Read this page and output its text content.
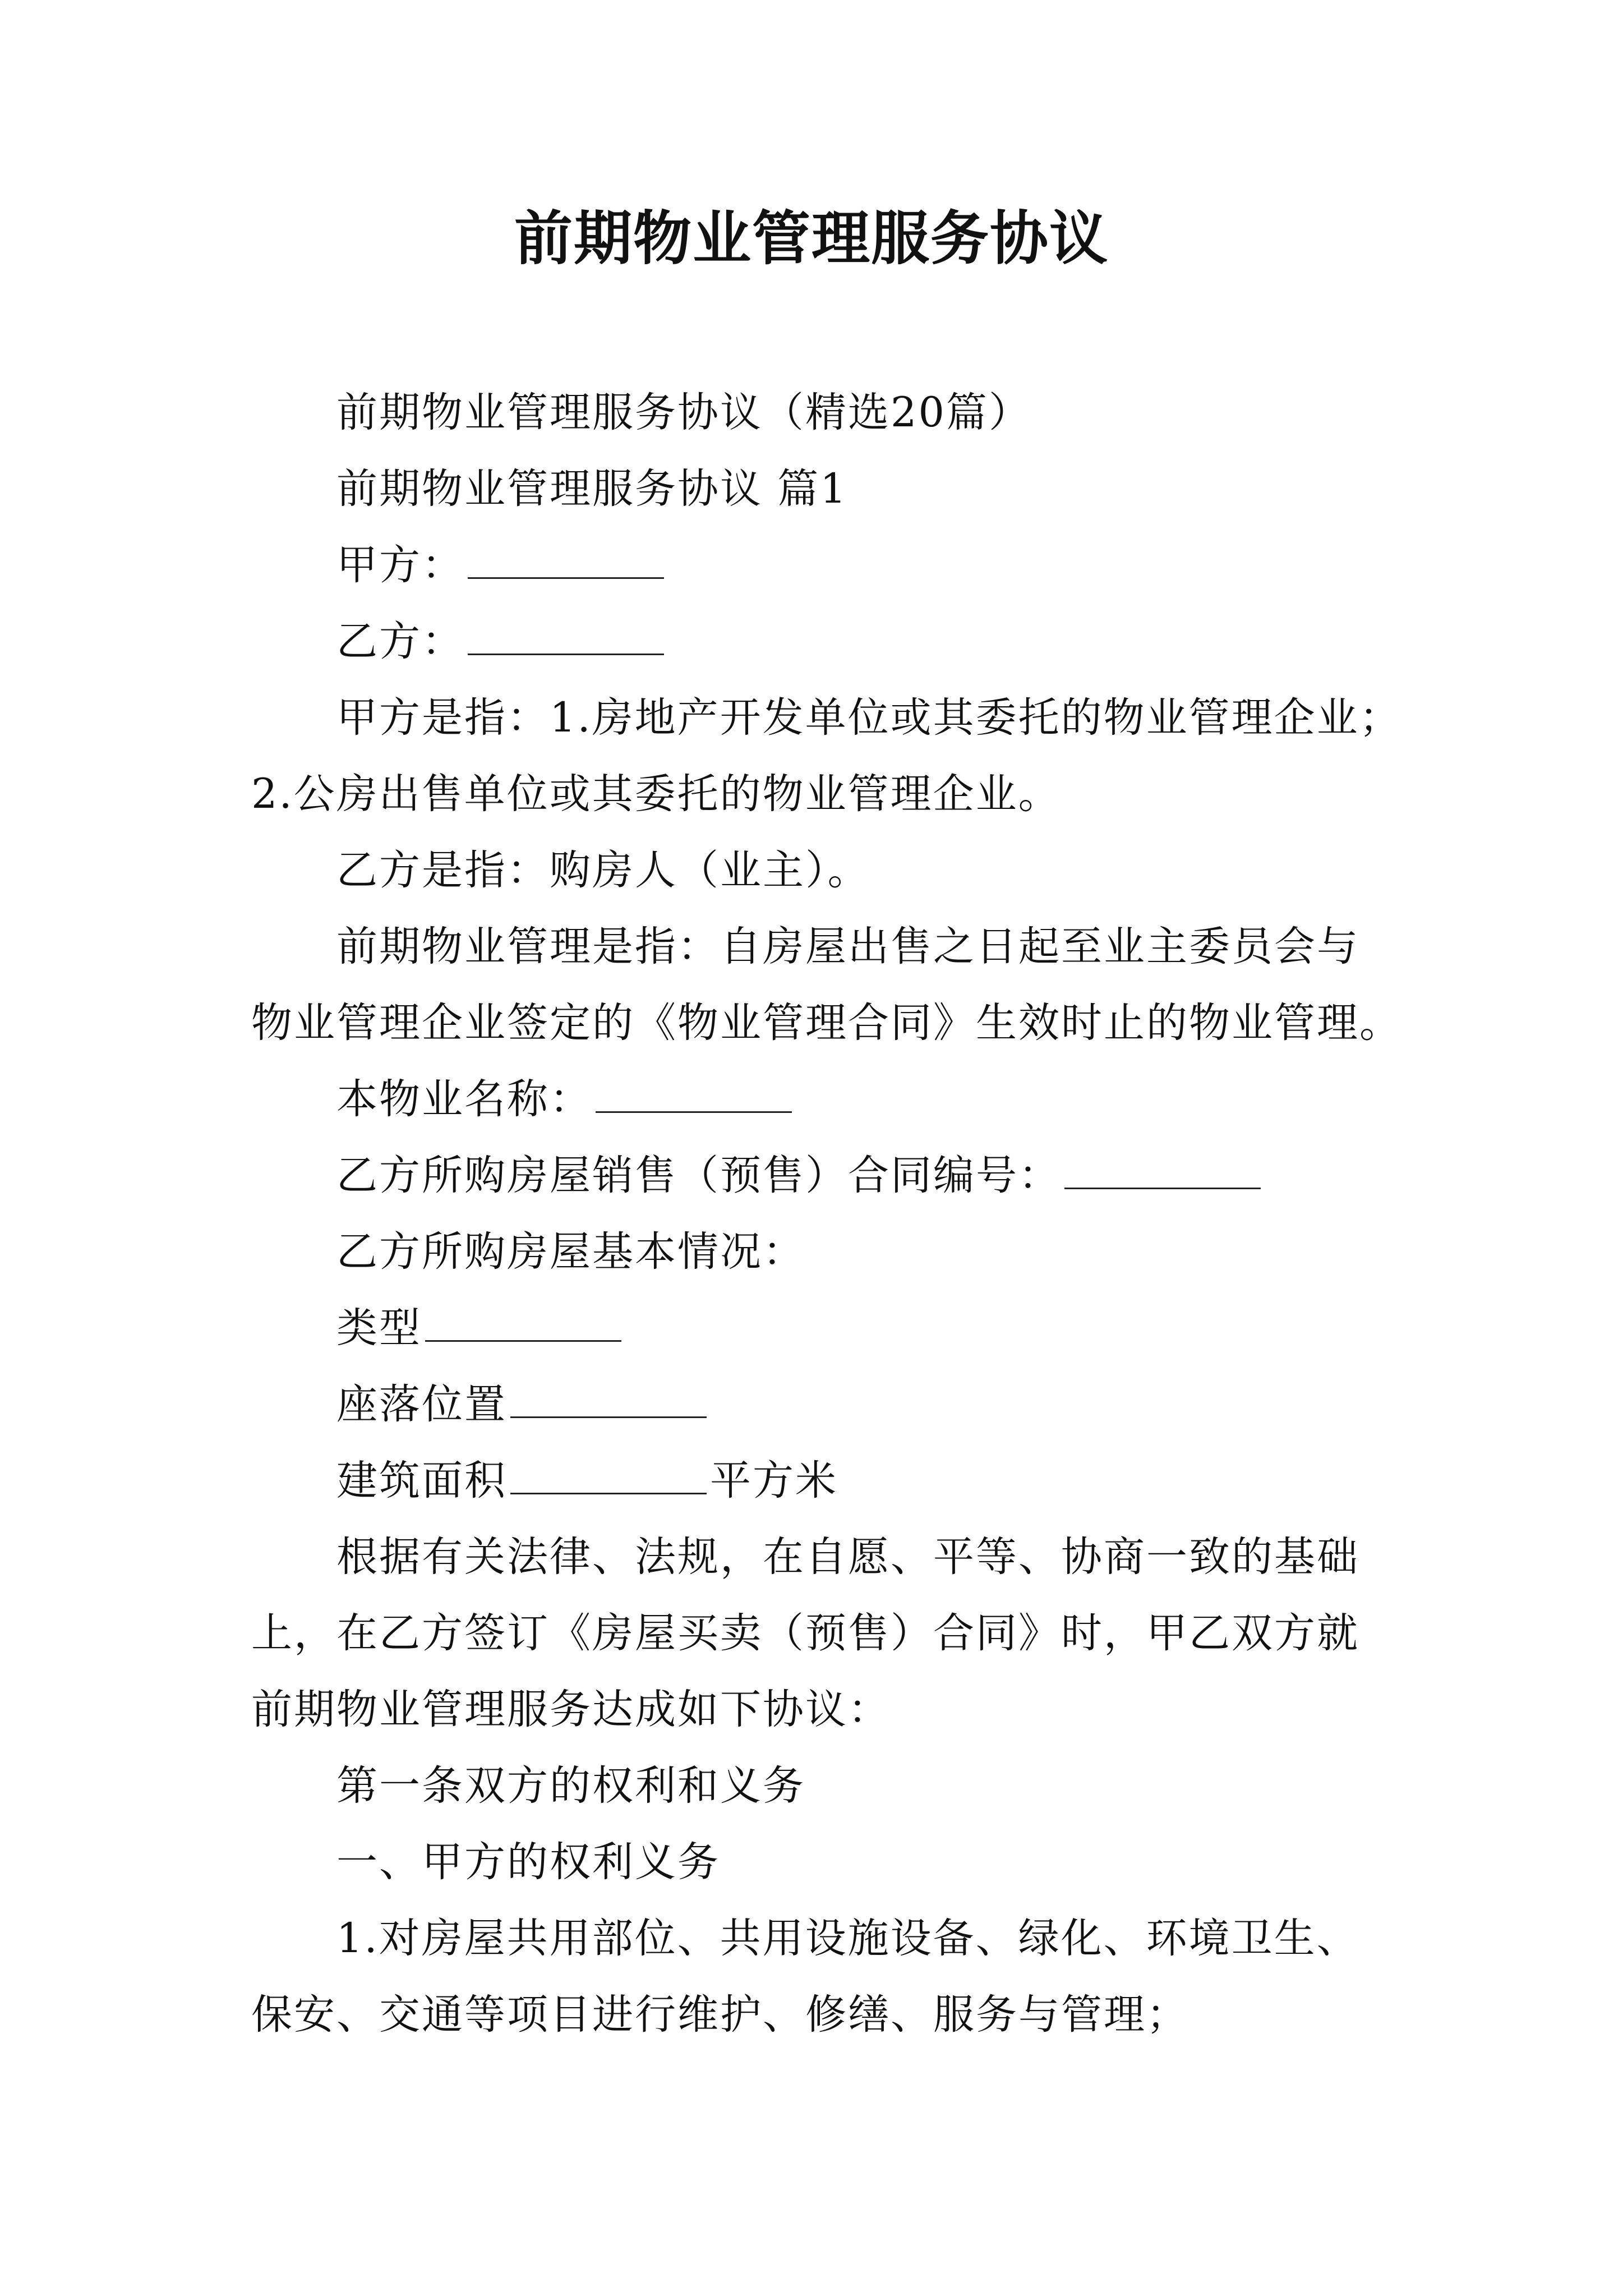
前期物业管理服务协议

前期物业管理服务协议（精选20篇）

前期物业管理服务协议 篇1

甲方：

乙方：

甲方是指：1.房地产开发单位或其委托的物业管理企业；

2.公房出售单位或其委托的物业管理企业。

乙方是指：购房人（业主）。

前期物业管理是指：自房屋出售之日起至业主委员会与

物业管理企业签定的《物业管理合同》生效时止的物业管理。

本物业名称：

乙方所购房屋销售（预售）合同编号：

乙方所购房屋基本情况：

类型

座落位置

建筑面积	平方米

根据有关法律、法规，在自愿、平等、协商一致的基础

上，在乙方签订《房屋买卖（预售）合同》时，甲乙双方就

前期物业管理服务达成如下协议：

第一条双方的权利和义务

一、甲方的权利义务

1.对房屋共用部位、共用设施设备、绿化、环境卫生、

保安、交通等项目进行维护、修缮、服务与管理；
